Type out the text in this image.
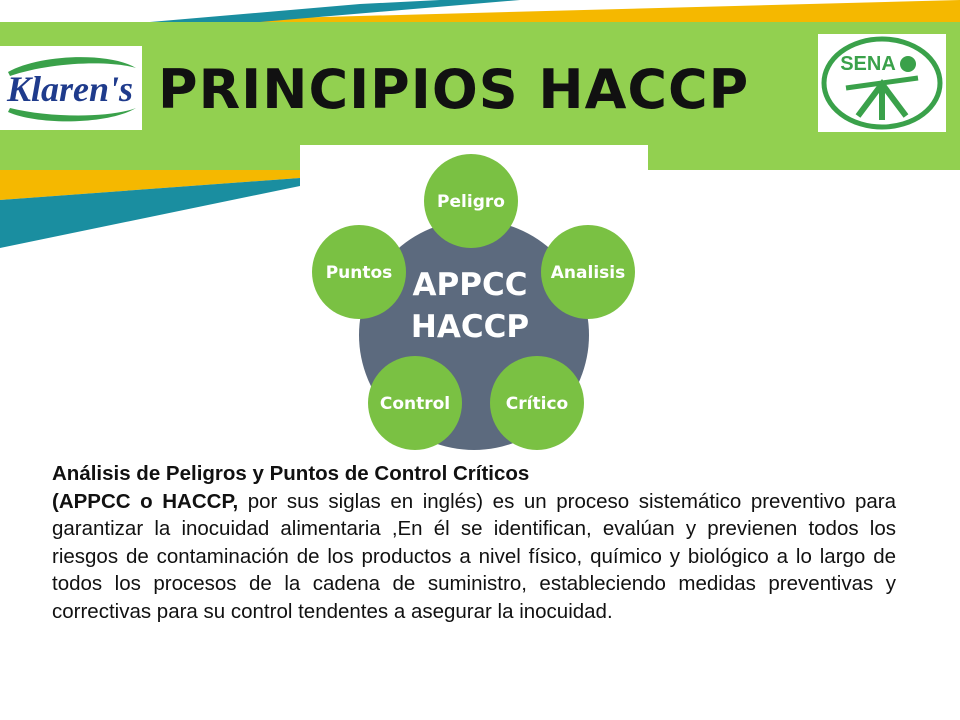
Klaren's PRINCIPIOS HACCP	SENA
APPCC
HACCP
Peligro
Analisis
Crítico
Control
Puntos

Análisis de Peligros y Puntos de Control Críticos

(APPCC o HACCP, por sus siglas en inglés) es un proceso sistemático preventivo para garantizar la inocuidad alimentaria ,En él se identifican, evalúan y previenen todos los riesgos de contaminación de los productos a nivel físico, químico y biológico a lo largo de todos los procesos de la cadena de suministro, estableciendo medidas preventivas y correctivas para su control tendentes a asegurar la inocuidad.
